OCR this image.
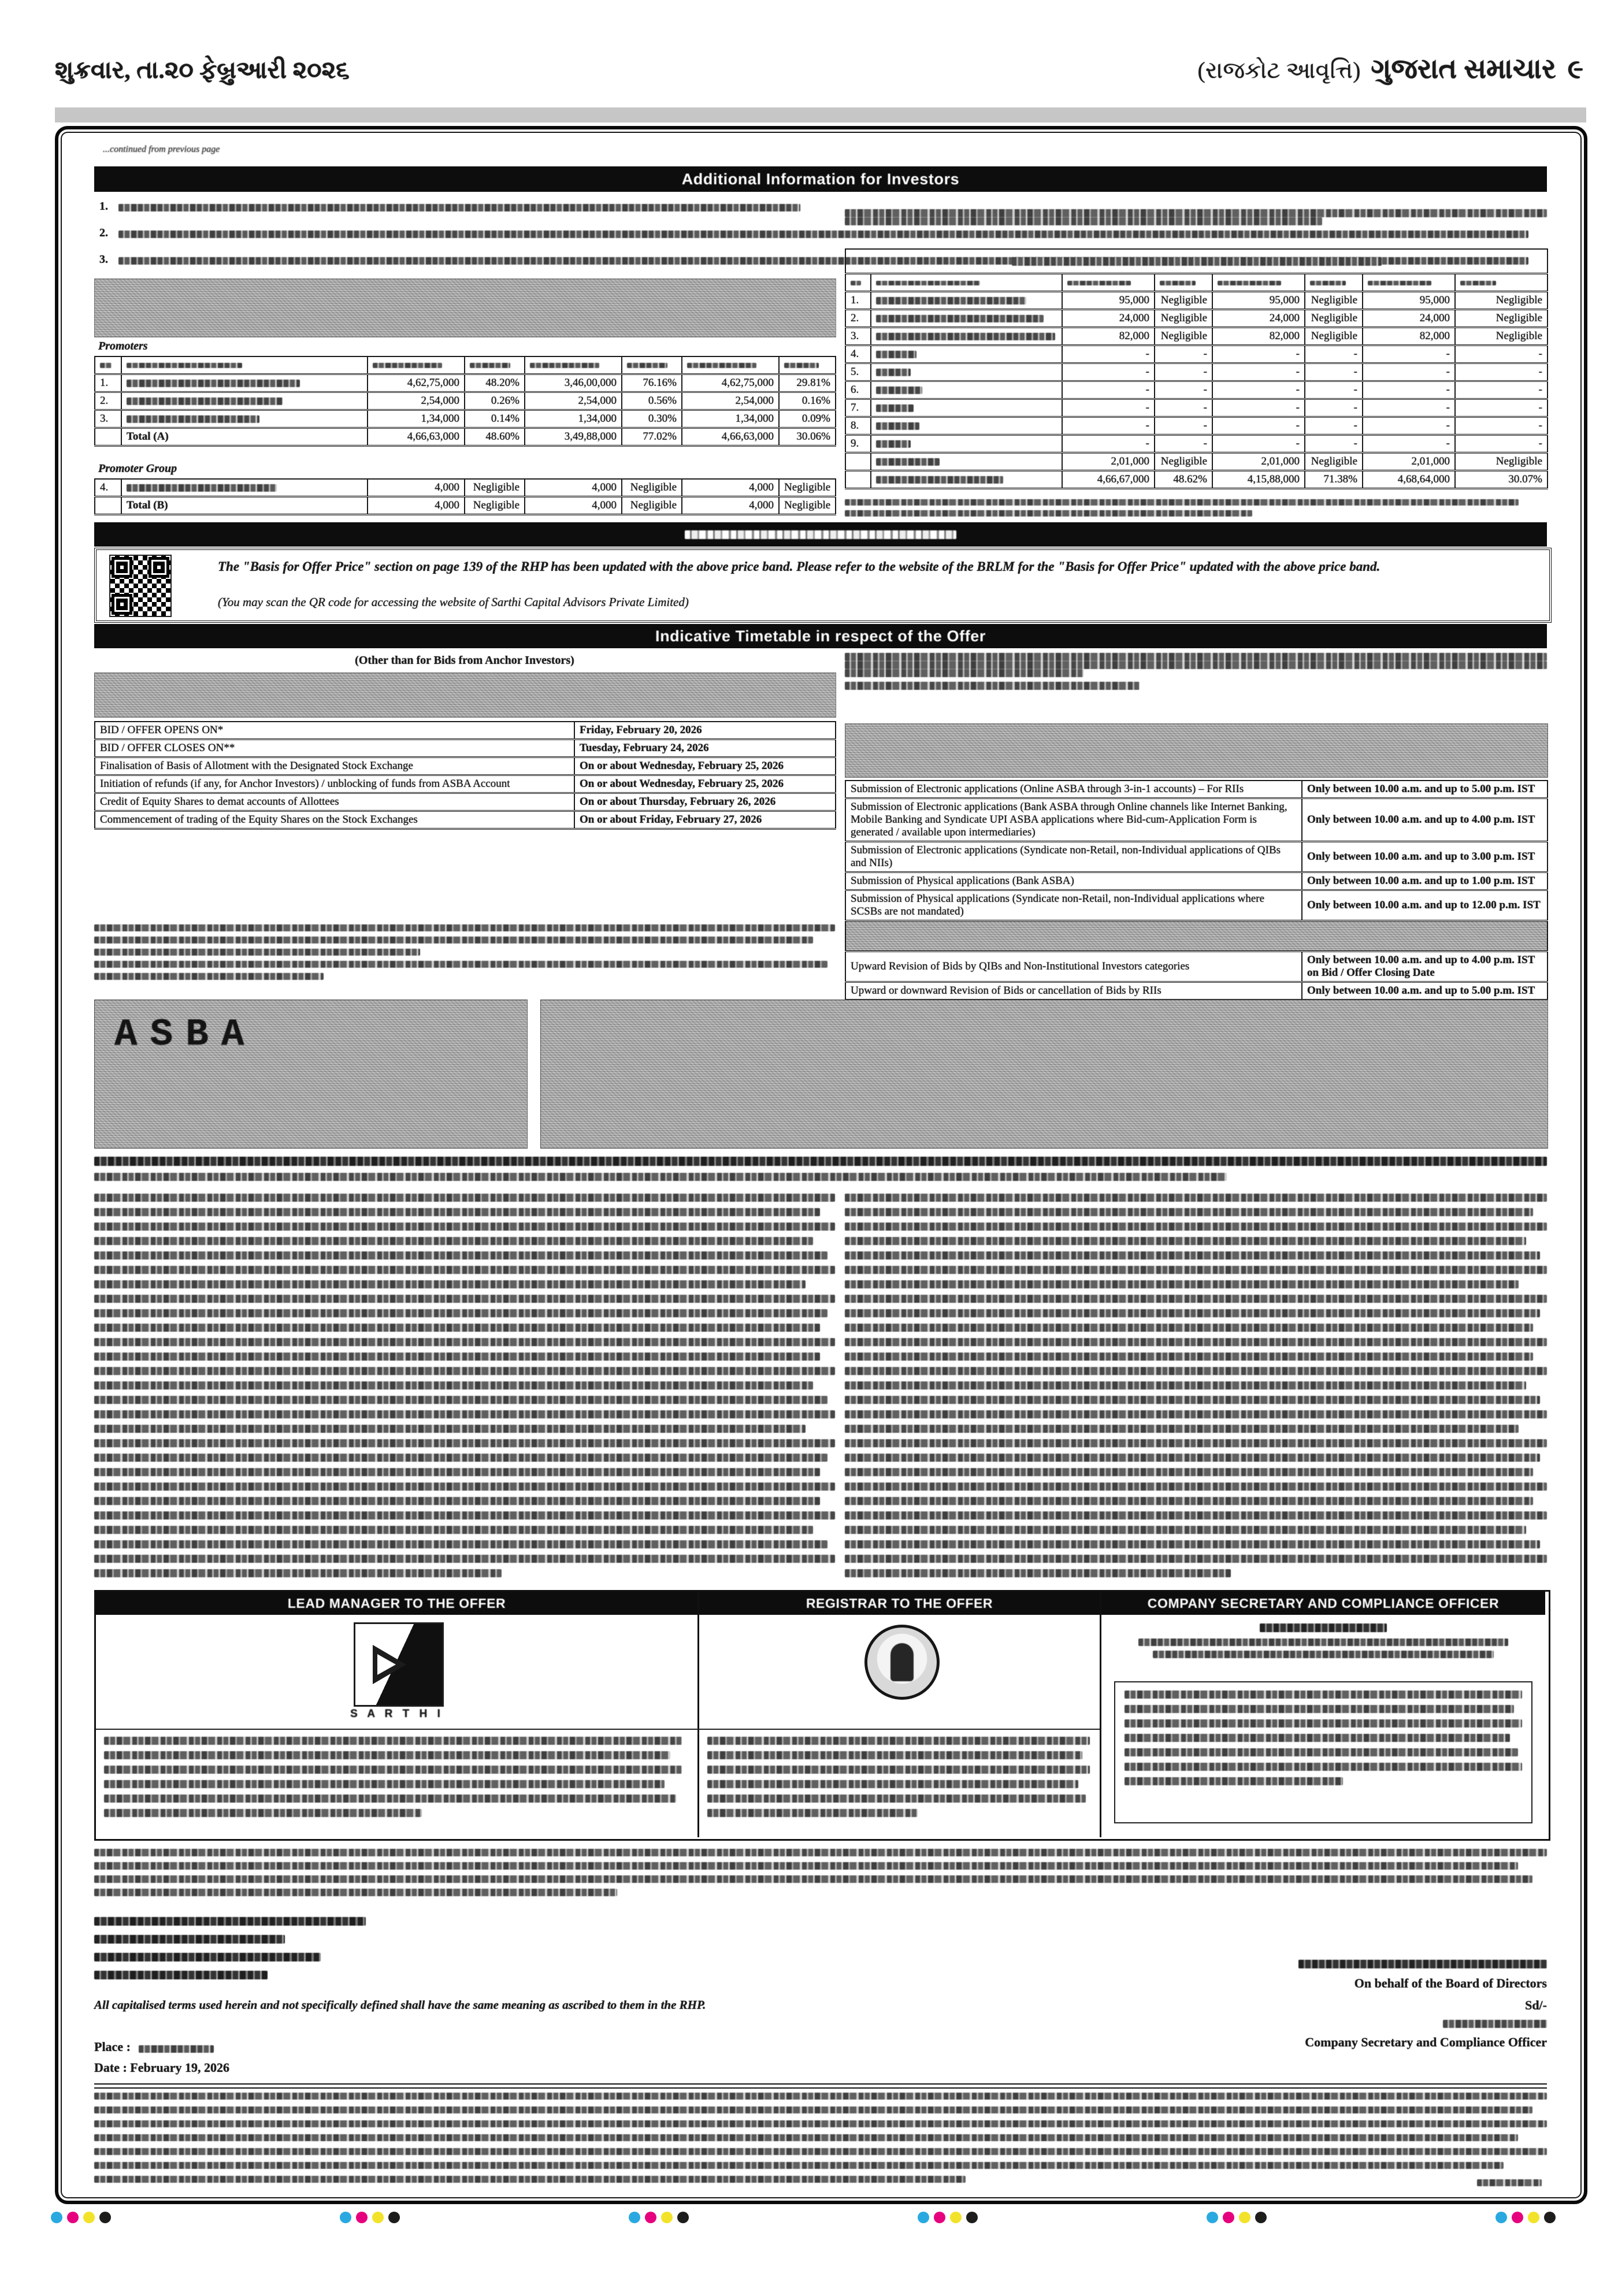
શુક્રવાર, તા.૨૦ ફેબ્રુઆરી ૨૦૨૬	(રાજકોટ આવૃત્તિ) ગુજરાત સમાચાર ૯
...continued from previous page
Additional Information for Investors
1.
2.
3.
Promoters

1.		4,62,75,000	48.20%	3,46,00,000	76.16%	4,62,75,000	29.81%
2.		2,54,000	0.26%	2,54,000	0.56%	2,54,000	0.16%
3.		1,34,000	0.14%	1,34,000	0.30%	1,34,000	0.09%
	Total (A)	4,66,63,000	48.60%	3,49,88,000	77.02%	4,66,63,000	30.06%
Promoter Group
4.		4,000	Negligible	4,000	Negligible	4,000	Negligible
	Total (B)	4,000	Negligible	4,000	Negligible	4,000	Negligible

1.		95,000	Negligible	95,000	Negligible	95,000	Negligible
2.		24,000	Negligible	24,000	Negligible	24,000	Negligible
3.		82,000	Negligible	82,000	Negligible	82,000	Negligible
4.		-	-	-	-	-	-
5.		-	-	-	-	-	-
6.		-	-	-	-	-	-
7.		-	-	-	-	-	-
8.		-	-	-	-	-	-
9.		-	-	-	-	-	-
		2,01,000	Negligible	2,01,000	Negligible	2,01,000	Negligible
		4,66,67,000	48.62%	4,15,88,000	71.38%	4,68,64,000	30.07%
The "Basis for Offer Price" section on page 139 of the RHP has been updated with the above price band. Please refer to the website of the BRLM for the "Basis for Offer Price" updated with the above price band.
(You may scan the QR code for accessing the website of Sarthi Capital Advisors Private Limited)
Indicative Timetable in respect of the Offer
(Other than for Bids from Anchor Investors)
BID / OFFER OPENS ON*	Friday, February 20, 2026
BID / OFFER CLOSES ON**	Tuesday, February 24, 2026
Finalisation of Basis of Allotment with the Designated Stock Exchange	On or about Wednesday, February 25, 2026
Initiation of refunds (if any, for Anchor Investors) / unblocking of funds from ASBA Account	On or about Wednesday, February 25, 2026
Credit of Equity Shares to demat accounts of Allottees	On or about Thursday, February 26, 2026
Commencement of trading of the Equity Shares on the Stock Exchanges	On or about Friday, February 27, 2026
Submission of Electronic applications (Online ASBA through 3-in-1 accounts) – For RIIs	Only between 10.00 a.m. and up to 5.00 p.m. IST
Submission of Electronic applications (Bank ASBA through Online channels like Internet Banking, Mobile Banking and Syndicate UPI ASBA applications where Bid-cum-Application Form is generated / available upon intermediaries)	Only between 10.00 a.m. and up to 4.00 p.m. IST
Submission of Electronic applications (Syndicate non-Retail, non-Individual applications of QIBs and NIIs)	Only between 10.00 a.m. and up to 3.00 p.m. IST
Submission of Physical applications (Bank ASBA)	Only between 10.00 a.m. and up to 1.00 p.m. IST
Submission of Physical applications (Syndicate non-Retail, non-Individual applications where SCSBs are not mandated)	Only between 10.00 a.m. and up to 12.00 p.m. IST

Upward Revision of Bids by QIBs and Non-Institutional Investors categories	Only between 10.00 a.m. and up to 4.00 p.m. IST on Bid / Offer Closing Date
Upward or downward Revision of Bids or cancellation of Bids by RIIs	Only between 10.00 a.m. and up to 5.00 p.m. IST
ASBA
LEAD MANAGER TO THE OFFER	REGISTRAR TO THE OFFER	COMPANY SECRETARY AND COMPLIANCE OFFICER
S A R T H I

All capitalised terms used herein and not specifically defined shall have the same meaning as ascribed to them in the RHP.
On behalf of the Board of Directors
Sd/-
Company Secretary and Compliance Officer
Place :
Date : February 19, 2026
